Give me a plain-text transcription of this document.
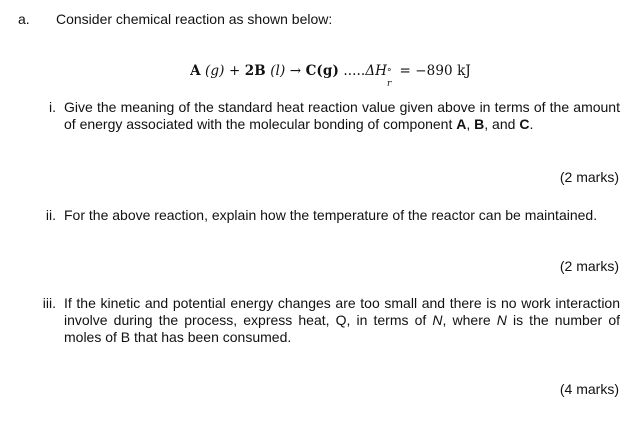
a. Consider chemical reaction as shown below:
A (g) + 2B (l) → C(g) .....ΔH °
r
= −890 kJ
i. Give the meaning of the standard heat reaction value given above in terms of the amount of energy associated with the molecular bonding of component A, B, and C.
(2 marks)
ii. For the above reaction, explain how the temperature of the reactor can be maintained.
(2 marks)
iii. If the kinetic and potential energy changes are too small and there is no work interaction involve during the process, express heat, Q, in terms of N, where N is the number of moles of B that has been consumed.
(4 marks)
